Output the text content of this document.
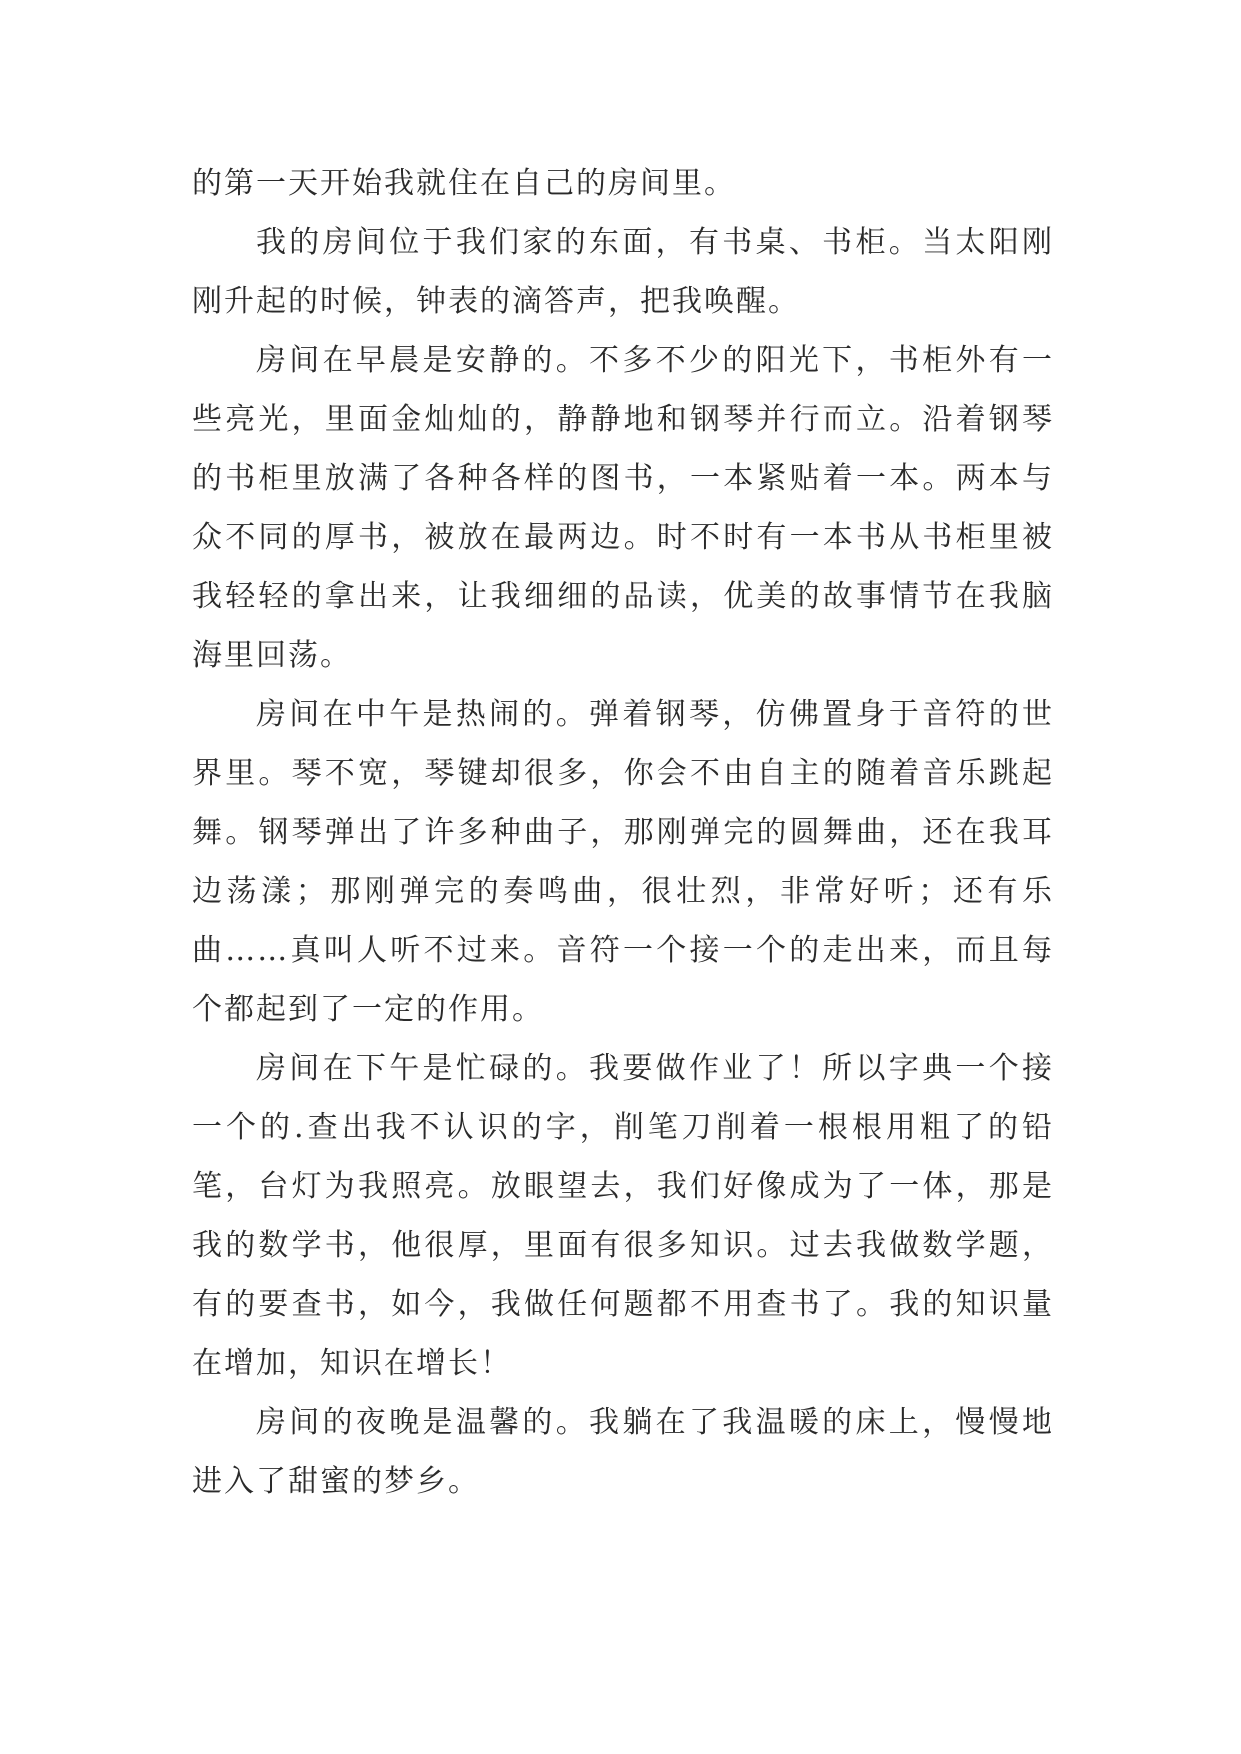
的第一天开始我就住在自己的房间里。

我的房间位于我们家的东面，有书桌、书柜。当太阳刚刚升起的时候，钟表的滴答声，把我唤醒。

房间在早晨是安静的。不多不少的阳光下，书柜外有一些亮光，里面金灿灿的，静静地和钢琴并行而立。沿着钢琴的书柜里放满了各种各样的图书，一本紧贴着一本。两本与众不同的厚书，被放在最两边。时不时有一本书从书柜里被我轻轻的拿出来，让我细细的品读，优美的故事情节在我脑海里回荡。

房间在中午是热闹的。弹着钢琴，仿佛置身于音符的世界里。琴不宽，琴键却很多，你会不由自主的随着音乐跳起舞。钢琴弹出了许多种曲子，那刚弹完的圆舞曲，还在我耳边荡漾；那刚弹完的奏鸣曲，很壮烈，非常好听；还有乐曲……真叫人听不过来。音符一个接一个的走出来，而且每个都起到了一定的作用。

房间在下午是忙碌的。我要做作业了！所以字典一个接一个的.查出我不认识的字，削笔刀削着一根根用粗了的铅笔，台灯为我照亮。放眼望去，我们好像成为了一体，那是我的数学书，他很厚，里面有很多知识。过去我做数学题，有的要查书，如今，我做任何题都不用查书了。我的知识量在增加，知识在增长！

房间的夜晚是温馨的。我躺在了我温暖的床上，慢慢地进入了甜蜜的梦乡。
